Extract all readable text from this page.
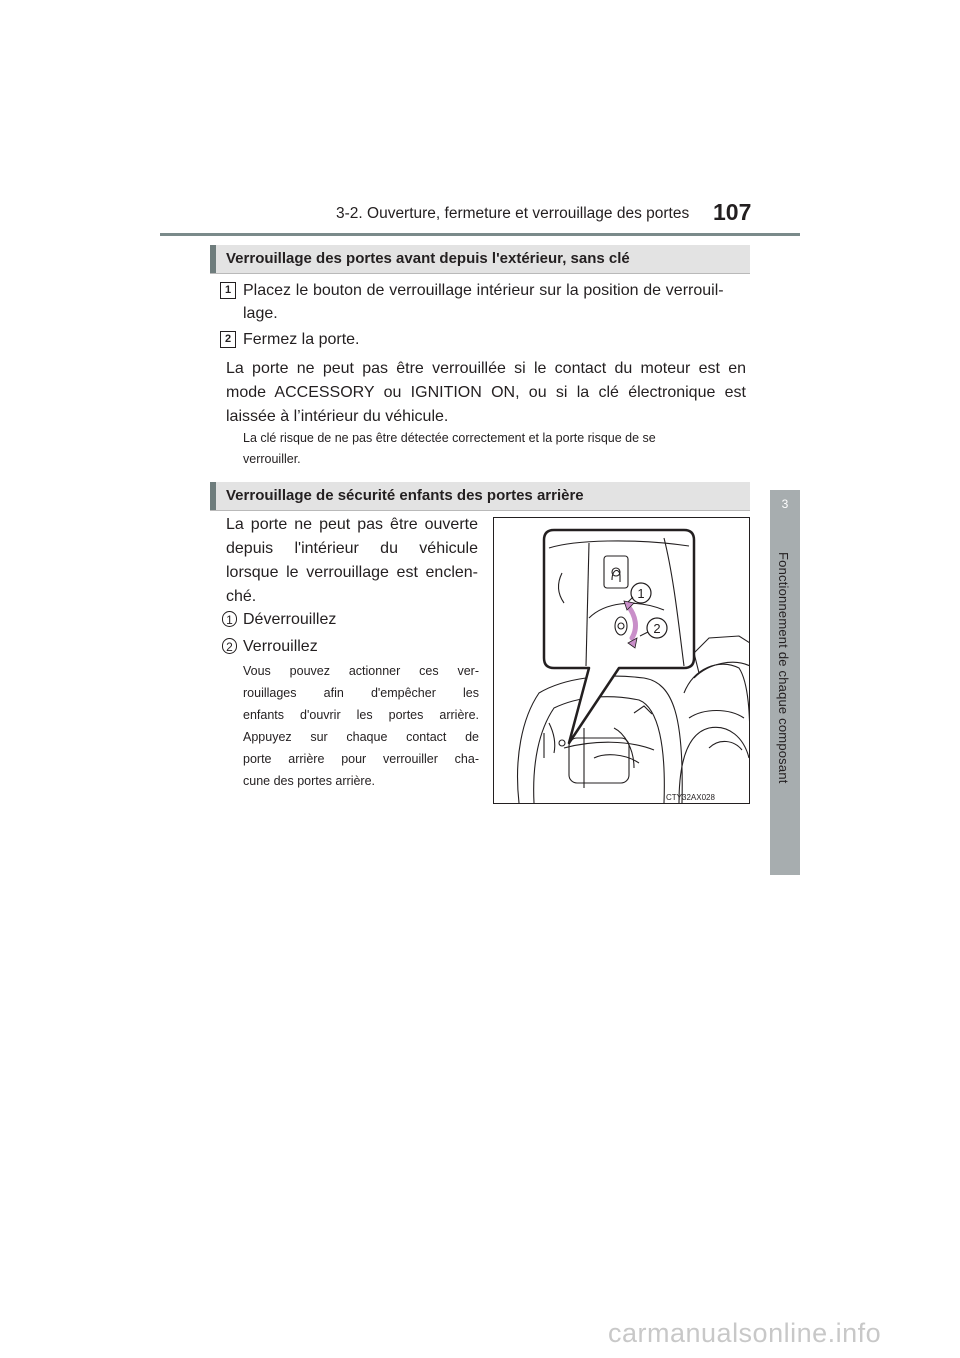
3-2. Ouverture, fermeture et verrouillage des portes 107
3
Fonctionnement de chaque composant
Verrouillage des portes avant depuis l'extérieur, sans clé
1 Placez le bouton de verrouillage intérieur sur la position de verrouil-
lage.
2 Fermez la porte.
La porte ne peut pas être verrouillée si le contact du moteur est en
mode ACCESSORY ou IGNITION ON, ou si la clé électronique est
laissée à l’intérieur du véhicule.
La clé risque de ne pas être détectée correctement et la porte risque de se
verrouiller.
Verrouillage de sécurité enfants des portes arrière
La porte ne peut pas être ouverte
depuis l'intérieur du véhicule
lorsque le verrouillage est enclen-
ché.
1 Déverrouillez
2 Verrouillez
Vous pouvez actionner ces ver-
rouillages afin d'empêcher les
enfants d'ouvrir les portes arrière.
Appuyez sur chaque contact de
porte arrière pour verrouiller cha-
cune des portes arrière.
1
2
CTY32AX028
carmanualsonline.info
